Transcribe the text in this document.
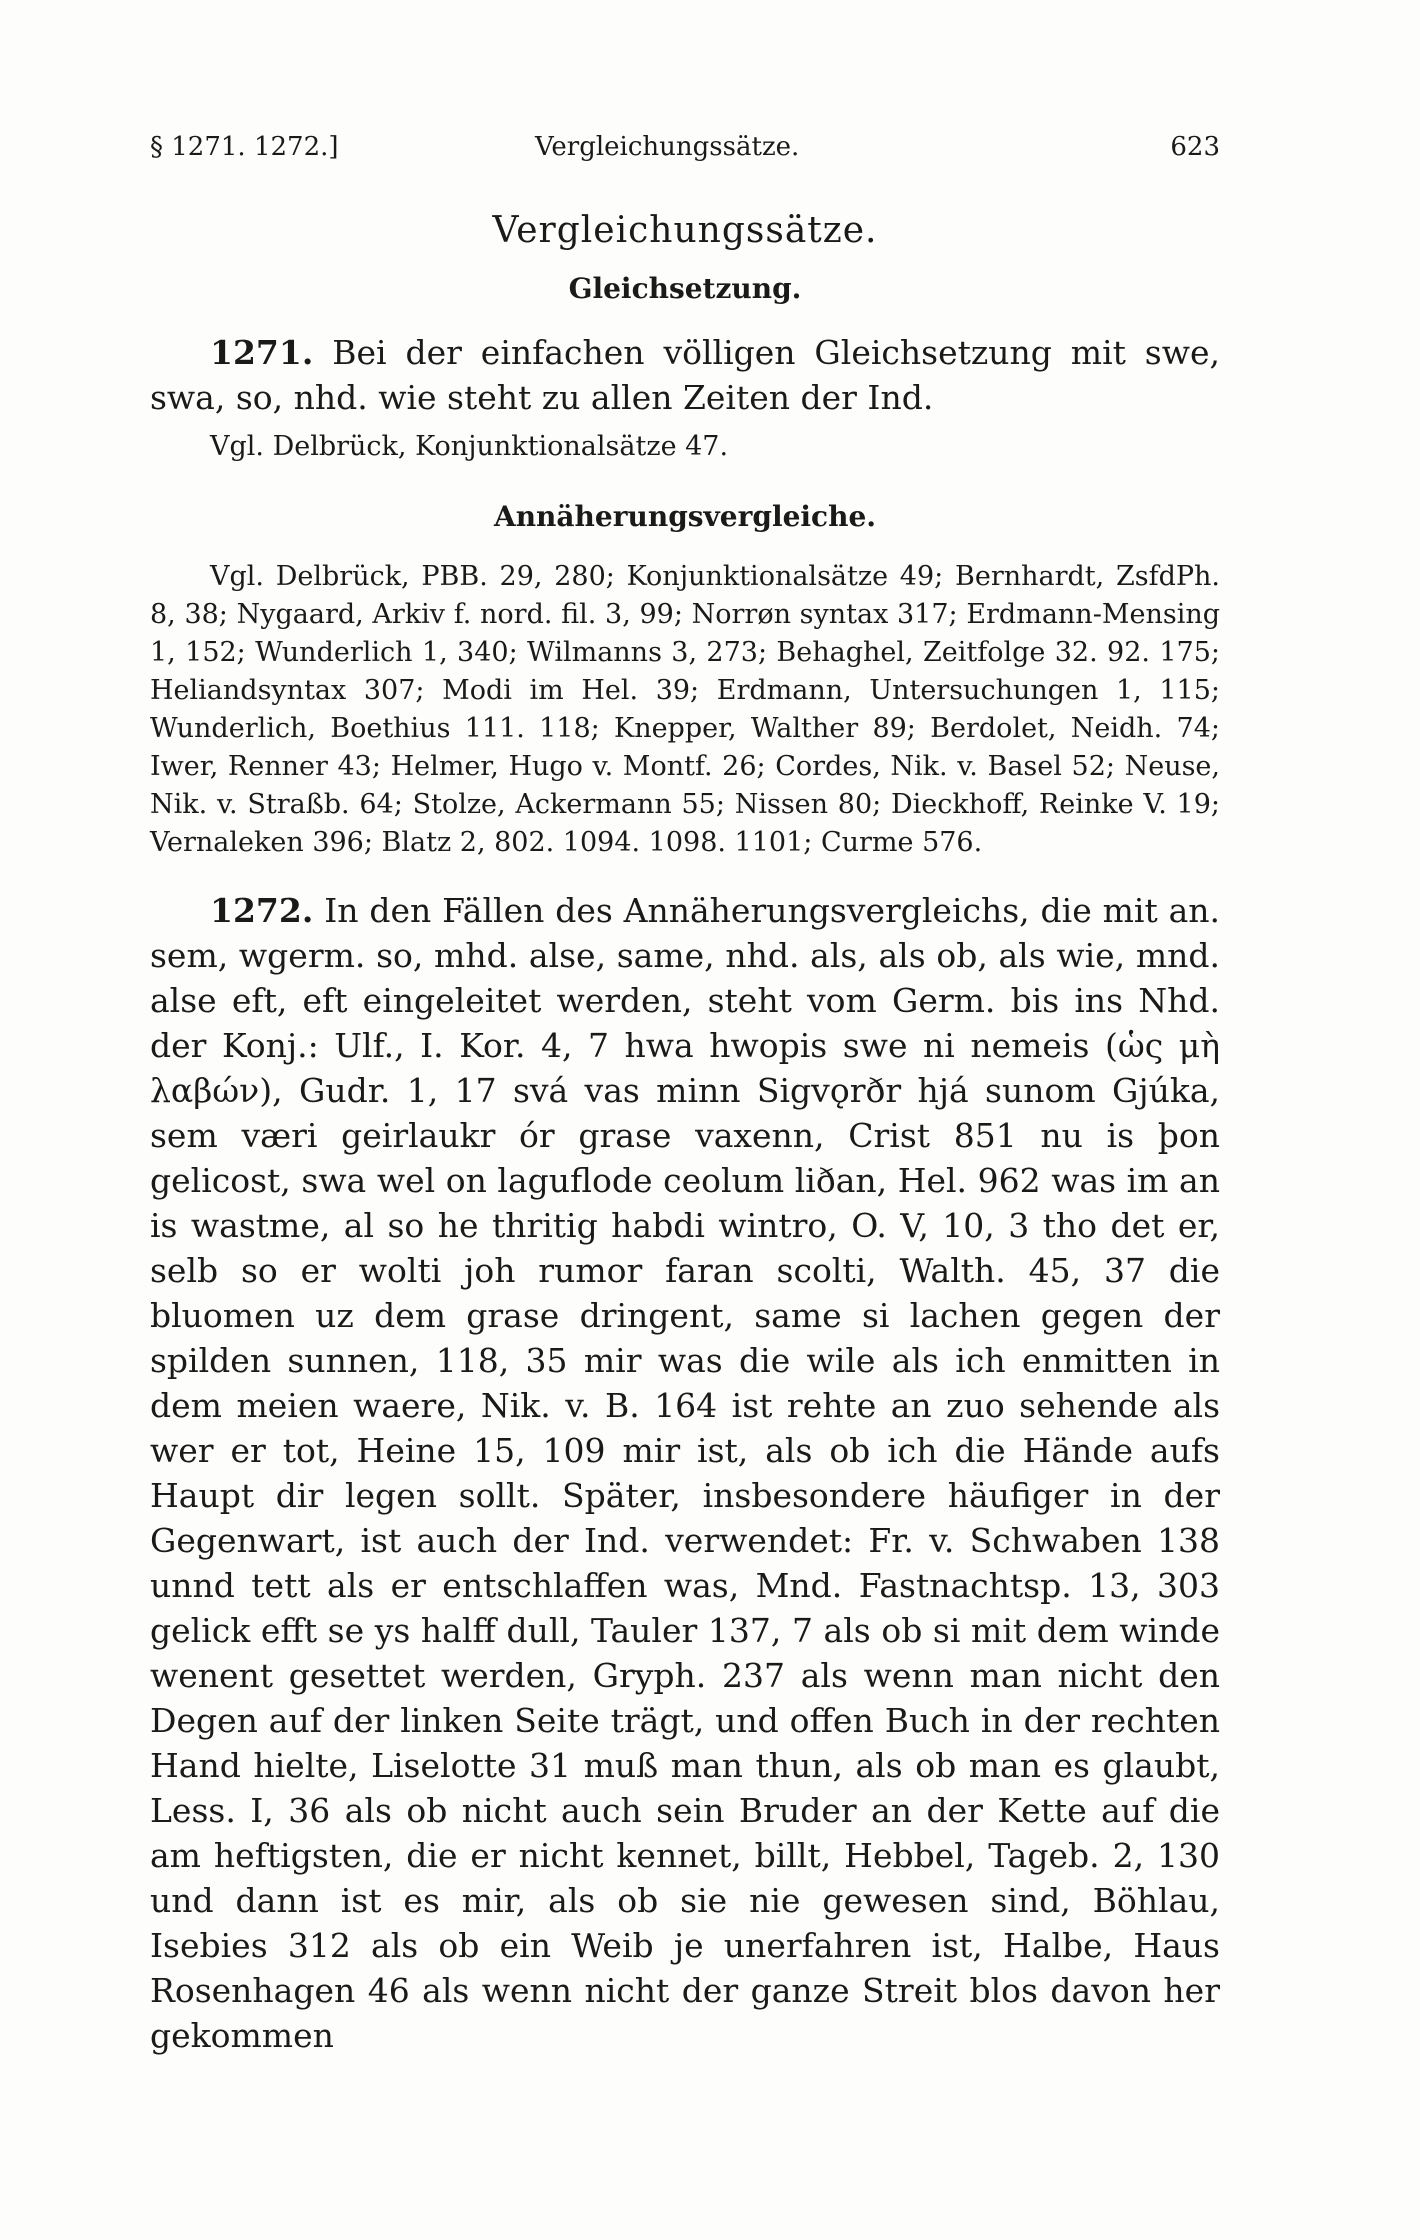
§ 1271. 1272.]	Vergleichungssätze.	623
Vergleichungssätze.
Gleichsetzung.
1271. Bei der einfachen völligen Gleichsetzung mit swe, swa, so, nhd. wie steht zu allen Zeiten der Ind.
Vgl. Delbrück, Konjunktionalsätze 47.
Annäherungsvergleiche.
Vgl. Delbrück, PBB. 29, 280; Konjunktionalsätze 49; Bernhardt, ZsfdPh. 8, 38; Nygaard, Arkiv f. nord. fil. 3, 99; Norrøn syntax 317; Erdmann-Mensing 1, 152; Wunderlich 1, 340; Wilmanns 3, 273; Behaghel, Zeitfolge 32. 92. 175; Heliandsyntax 307; Modi im Hel. 39; Erdmann, Untersuchungen 1, 115; Wunderlich, Boethius 111. 118; Knepper, Walther 89; Berdolet, Neidh. 74; Iwer, Renner 43; Helmer, Hugo v. Montf. 26; Cordes, Nik. v. Basel 52; Neuse, Nik. v. Straßb. 64; Stolze, Ackermann 55; Nissen 80; Dieckhoff, Reinke V. 19; Vernaleken 396; Blatz 2, 802. 1094. 1098. 1101; Curme 576.
1272. In den Fällen des Annäherungsvergleichs, die mit an. sem, wgerm. so, mhd. alse, same, nhd. als, als ob, als wie, mnd. alse eft, eft eingeleitet werden, steht vom Germ. bis ins Nhd. der Konj.: Ulf., I. Kor. 4, 7 hwa hwopis swe ni nemeis (ὡς μὴ λαβών), Gudr. 1, 17 svá vas minn Sigvǫrðr hjá sunom Gjúka, sem væri geirlaukr ór grase vaxenn, Crist 851 nu is þon gelicost, swa wel on laguflode ceolum liðan, Hel. 962 was im an is wastme, al so he thritig habdi wintro, O. V, 10, 3 tho det er, selb so er wolti joh rumor faran scolti, Walth. 45, 37 die bluomen uz dem grase dringent, same si lachen gegen der spilden sunnen, 118, 35 mir was die wile als ich enmitten in dem meien waere, Nik. v. B. 164 ist rehte an zuo sehende als wer er tot, Heine 15, 109 mir ist, als ob ich die Hände aufs Haupt dir legen sollt. Später, insbesondere häufiger in der Gegenwart, ist auch der Ind. verwendet: Fr. v. Schwaben 138 unnd tett als er entschlaffen was, Mnd. Fastnachtsp. 13, 303 gelick efft se ys halff dull, Tauler 137, 7 als ob si mit dem winde wenent gesettet werden, Gryph. 237 als wenn man nicht den Degen auf der linken Seite trägt, und offen Buch in der rechten Hand hielte, Liselotte 31 muß man thun, als ob man es glaubt, Less. I, 36 als ob nicht auch sein Bruder an der Kette auf die am heftigsten, die er nicht kennet, billt, Hebbel, Tageb. 2, 130 und dann ist es mir, als ob sie nie gewesen sind, Böhlau, Isebies 312 als ob ein Weib je unerfahren ist, Halbe, Haus Rosenhagen 46 als wenn nicht der ganze Streit blos davon her gekommen
